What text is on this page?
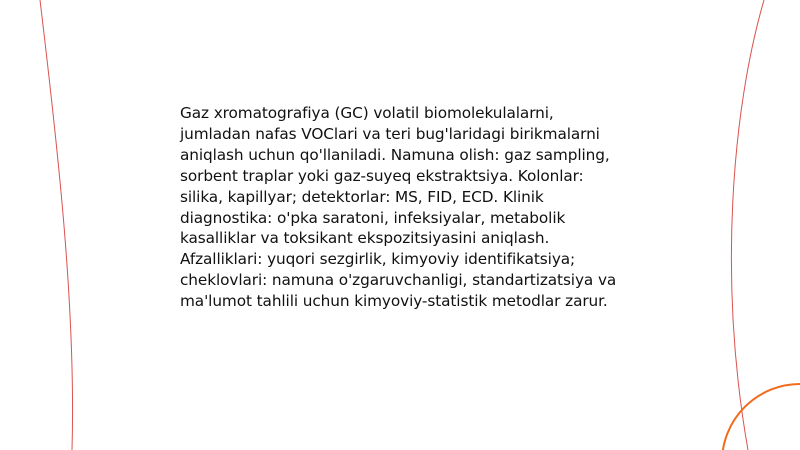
Gaz xromatografiya (GC) volatil biomolekulalarni, jumladan nafas VOClari va teri bug'laridagi birikmalarni aniqlash uchun qo'llaniladi. Namuna olish: gaz sampling, sorbent traplar yoki gaz-suyeq ekstraktsiya. Kolonlar: silika, kapillyar; detektorlar: MS, FID, ECD. Klinik diagnostika: o'pka saratoni, infeksiyalar, metabolik kasalliklar va toksikant ekspozitsiyasini aniqlash. Afzalliklari: yuqori sezgirlik, kimyoviy identifikatsiya; cheklovlari: namuna o'zgaruvchanligi, standartizatsiya va ma'lumot tahlili uchun kimyoviy-statistik metodlar zarur.
